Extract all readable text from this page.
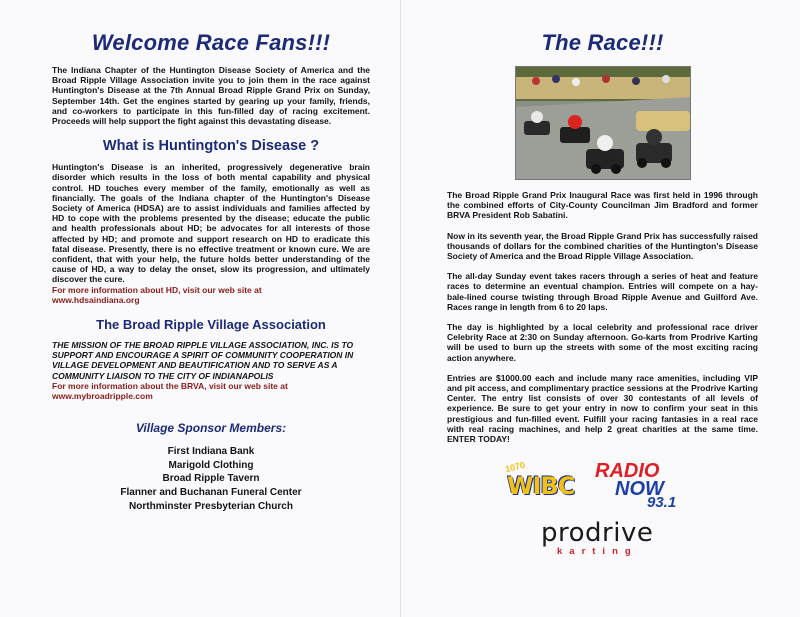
Welcome Race Fans!!!

The Indiana Chapter of the Huntington Disease Society of America and the Broad Ripple Village Association invite you to join them in the race against Huntington's Disease at the 7th Annual Broad Ripple Grand Prix on Sunday, September 14th. Get the engines started by gearing up your family, friends, and co-workers to participate in this fun-filled day of racing excitement. Proceeds will help support the fight against this devastating disease.

What is Huntington's Disease ?

Huntington's Disease is an inherited, progressively degenerative brain disorder which results in the loss of both mental capability and physical control. HD touches every member of the family, emotionally as well as financially. The goals of the Indiana chapter of the Huntington's Disease Society of America (HDSA) are to assist individuals and families affected by HD to cope with the problems presented by the disease; educate the public and health professionals about HD; be advocates for all interests of those affected by HD; and promote and support research on HD to eradicate this fatal disease. Presently, there is no effective treatment or known cure. We are confident, that with your help, the future holds better understanding of the cause of HD, a way to delay the onset, slow its progression, and ultimately discover the cure.

For more information about HD, visit our web site at
www.hdsaindiana.org
The Broad Ripple Village Association

THE MISSION OF THE BROAD RIPPLE VILLAGE ASSOCIATION, INC. IS TO SUPPORT AND ENCOURAGE A SPIRIT OF COMMUNITY COOPERATION IN VILLAGE DEVELOPMENT AND BEAUTIFICATION AND TO SERVE AS A COMMUNITY LIAISON TO THE CITY OF INDIANAPOLIS

For more information about the BRVA, visit our web site at
www.mybroadripple.com
Village Sponsor Members:
First Indiana Bank
Marigold Clothing
Broad Ripple Tavern
Flanner and Buchanan Funeral Center
Northminster Presbyterian Church
The Race!!!

The Broad Ripple Grand Prix Inaugural Race was first held in 1996 through the combined efforts of City-County Councilman Jim Bradford and former BRVA President Rob Sabatini.

Now in its seventh year, the Broad Ripple Grand Prix has successfully raised thousands of dollars for the combined charities of the Huntington's Disease Society of America and the Broad Ripple Village Association.

The all-day Sunday event takes racers through a series of heat and feature races to determine an eventual champion. Entries will compete on a hay-bale-lined course twisting through Broad Ripple Avenue and Guilford Ave. Races range in length from 6 to 20 laps.

The day is highlighted by a local celebrity and professional race driver Celebrity Race at 2:30 on Sunday afternoon. Go-karts from Prodrive Karting will be used to burn up the streets with some of the most exciting racing action anywhere.

Entries are $1000.00 each and include many race amenities, including VIP and pit access, and complimentary practice sessions at the Prodrive Karting Center. The entry list consists of over 30 contestants of all levels of experience. Be sure to get your entry in now to confirm your seat in this prestigious and fun-filled event. Fulfill your racing fantasies in a real race with real racing machines, and help 2 great charities at the same time. ENTER TODAY!

1070
WIBC
RADIO
NOW
93.1
prodrive
karting
